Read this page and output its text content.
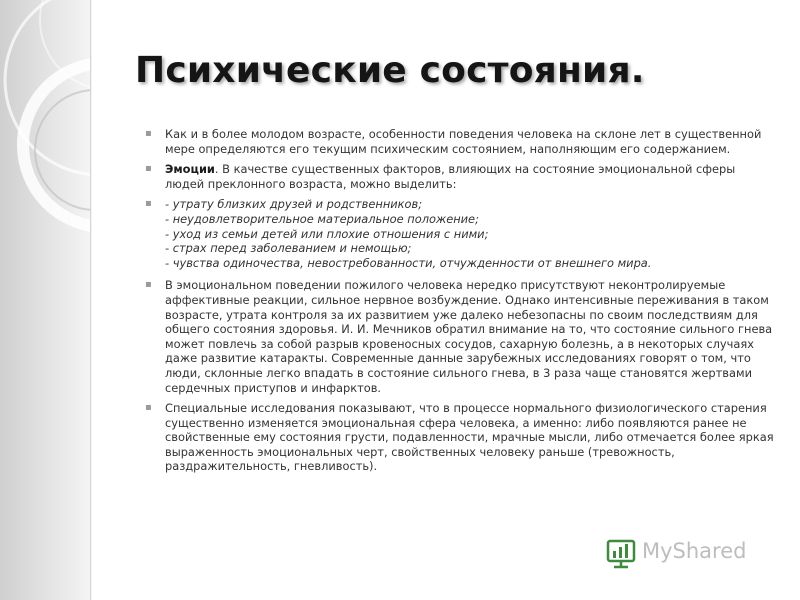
Психические состояния.

▪ Как и в более молодом возрасте, особенности поведения человека на склоне лет в существенной мере определяются его текущим психическим состоянием, наполняющим его содержанием.

▪ Эмоции. В качестве существенных факторов, влияющих на состояние эмоциональной сферы людей преклонного возраста, можно выделить:

▪ - утрату близких друзей и родственников;
- неудовлетворительное материальное положение;
- уход из семьи детей или плохие отношения с ними;
- страх перед заболеванием и немощью;
- чувства одиночества, невостребованности, отчужденности от внешнего мира.

▪ В эмоциональном поведении пожилого человека нередко присутствуют неконтролируемые аффективные реакции, сильное нервное возбуждение. Однако интенсивные переживания в таком возрасте, утрата контроля за их развитием уже далеко небезопасны по своим последствиям для общего состояния здоровья. И. И. Мечников обратил внимание на то, что состояние сильного гнева может повлечь за собой разрыв кровеносных сосудов, сахарную болезнь, а в некоторых случаях даже развитие катаракты. Современные данные зарубежных исследованиях говорят о том, что люди, склонные легко впадать в состояние сильного гнева, в 3 раза чаще становятся жертвами сердечных приступов и инфарктов.

▪ Специальные исследования показывают, что в процессе нормального физиологического старения существенно изменяется эмоциональная сфера человека, а именно: либо появляются ранее не свойственные ему состояния грусти, подавленности, мрачные мысли, либо отмечается более яркая выраженность эмоциональных черт, свойственных человеку раньше (тревожность, раздражительность, гневливость).

MyShared
